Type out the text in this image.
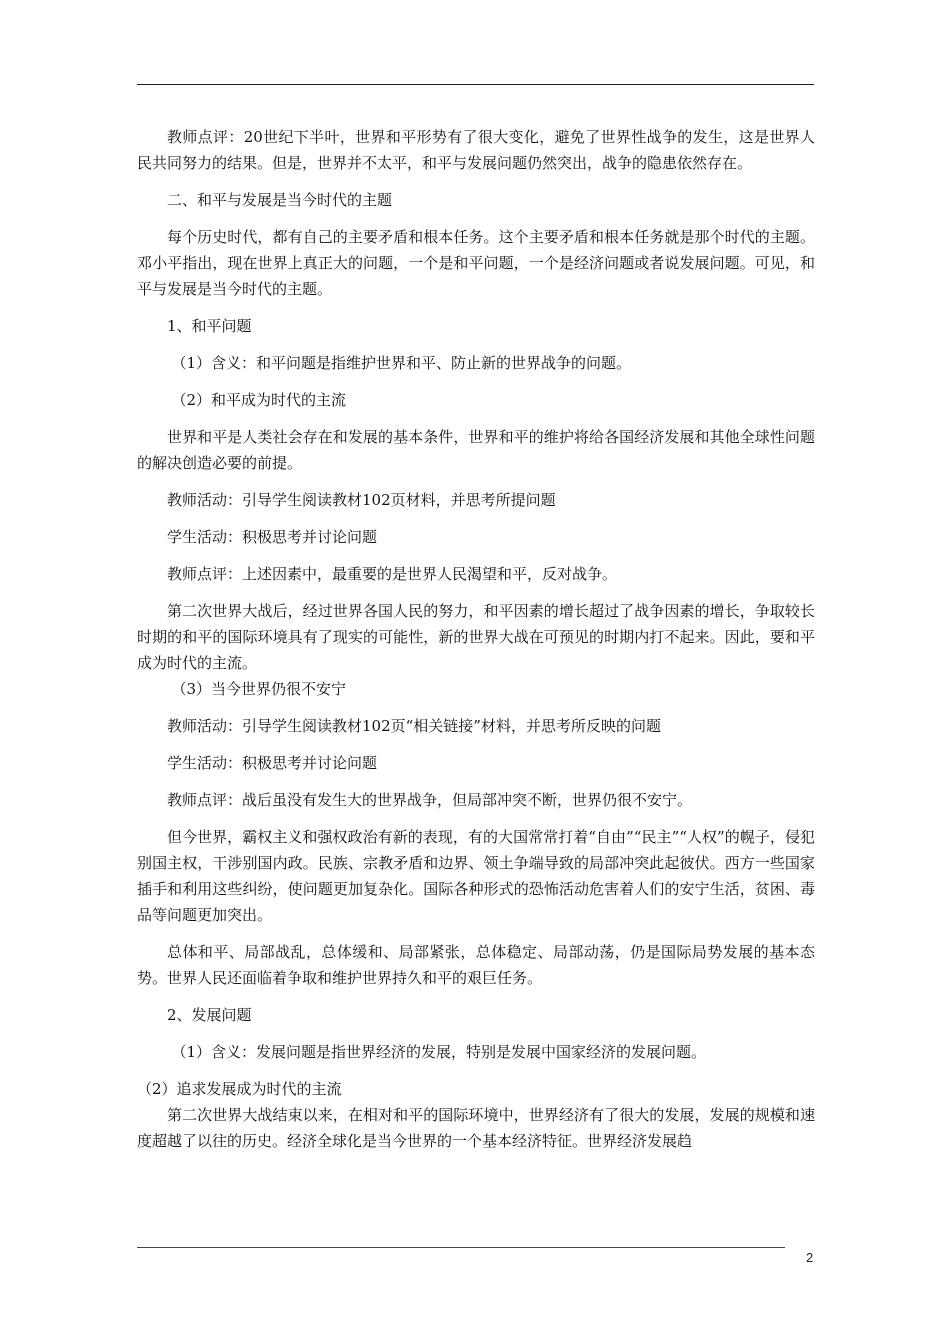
教师点评：20世纪下半叶，世界和平形势有了很大变化，避免了世界性战争的发生，这是世界人民共同努力的结果。但是，世界并不太平，和平与发展问题仍然突出，战争的隐患依然存在。

二、和平与发展是当今时代的主题

每个历史时代，都有自己的主要矛盾和根本任务。这个主要矛盾和根本任务就是那个时代的主题。邓小平指出，现在世界上真正大的问题，一个是和平问题，一个是经济问题或者说发展问题。可见，和平与发展是当今时代的主题。

1、和平问题

（1）含义：和平问题是指维护世界和平、防止新的世界战争的问题。

（2）和平成为时代的主流

世界和平是人类社会存在和发展的基本条件，世界和平的维护将给各国经济发展和其他全球性问题的解决创造必要的前提。

教师活动：引导学生阅读教材102页材料，并思考所提问题

学生活动：积极思考并讨论问题

教师点评：上述因素中，最重要的是世界人民渴望和平，反对战争。

第二次世界大战后，经过世界各国人民的努力，和平因素的增长超过了战争因素的增长，争取较长时期的和平的国际环境具有了现实的可能性，新的世界大战在可预见的时期内打不起来。因此，要和平成为时代的主流。

（3）当今世界仍很不安宁

教师活动：引导学生阅读教材102页“相关链接”材料，并思考所反映的问题

学生活动：积极思考并讨论问题

教师点评：战后虽没有发生大的世界战争，但局部冲突不断，世界仍很不安宁。

但今世界，霸权主义和强权政治有新的表现，有的大国常常打着“自由”“民主”“人权”的幌子，侵犯别国主权，干涉别国内政。民族、宗教矛盾和边界、领土争端导致的局部冲突此起彼伏。西方一些国家插手和利用这些纠纷，使问题更加复杂化。国际各种形式的恐怖活动危害着人们的安宁生活，贫困、毒品等问题更加突出。

总体和平、局部战乱，总体缓和、局部紧张，总体稳定、局部动荡，仍是国际局势发展的基本态势。世界人民还面临着争取和维护世界持久和平的艰巨任务。

2、发展问题

（1）含义：发展问题是指世界经济的发展，特别是发展中国家经济的发展问题。

（2）追求发展成为时代的主流

第二次世界大战结束以来，在相对和平的国际环境中，世界经济有了很大的发展，发展的规模和速度超越了以往的历史。经济全球化是当今世界的一个基本经济特征。世界经济发展趋

2
